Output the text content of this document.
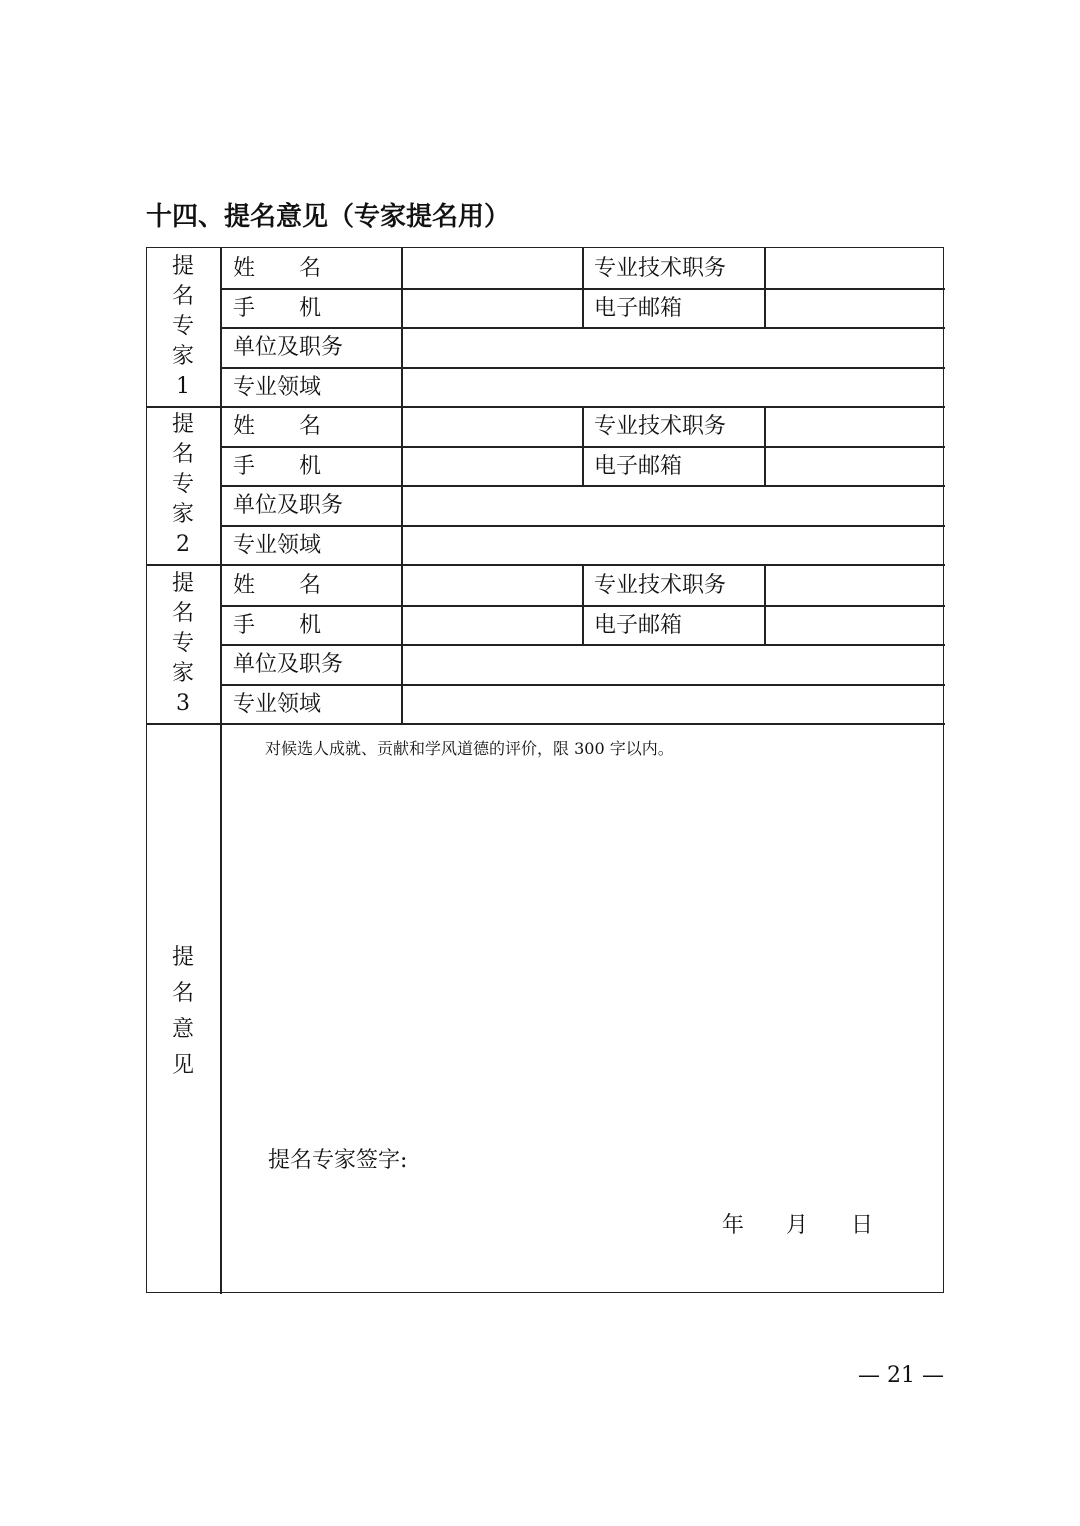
十四、提名意见（专家提名用）
提
名
专
家
1
姓　　名	专业技术职务
手　　机	电子邮箱
单位及职务
专业领域
提
名
专
家
2
姓　　名	专业技术职务
手　　机	电子邮箱
单位及职务
专业领域
提
名
专
家
3
姓　　名	专业技术职务
手　　机	电子邮箱
单位及职务
专业领域
提
名
意
见
对候选人成就、贡献和学风道德的评价，限 300 字以内。
提名专家签字:
年 月 日
— 21 —
